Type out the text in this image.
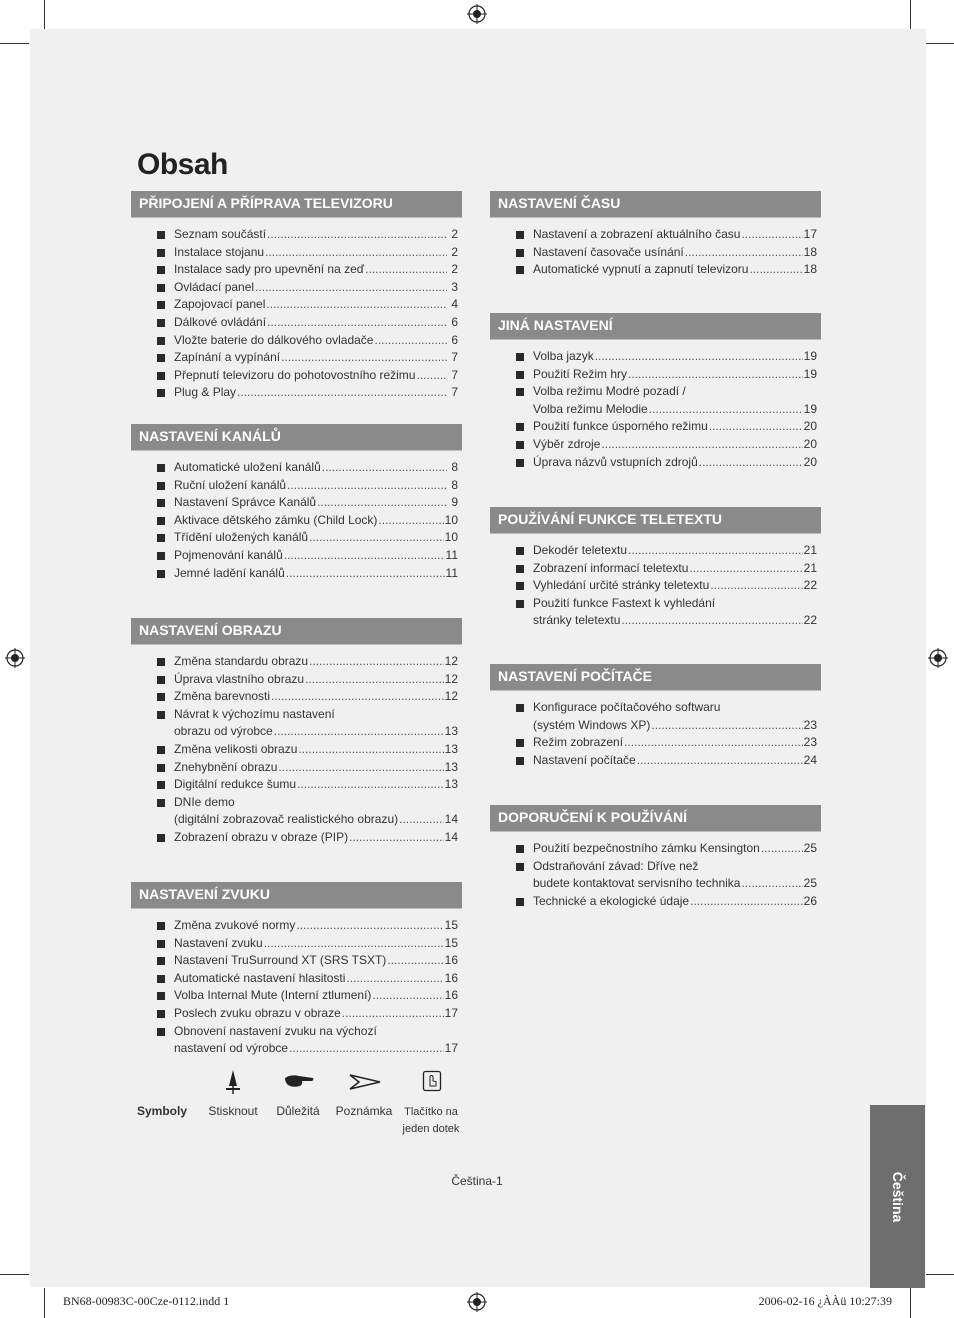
Obsah
PŘIPOJENÍ A PŘÍPRAVA TELEVIZORU
Seznam součástí .....	2
Instalace stojanu .....	2
Instalace sady pro upevnění na zeď .....	2
Ovládací panel .....	3
Zapojovací panel .....	4
Dálkové ovládání .....	6
Vložte baterie do dálkového ovladače .....	6
Zapínání a vypínání .....	7
Přepnutí televizoru do pohotovostního režimu .....	7
Plug & Play .....	7
NASTAVENÍ KANÁLŮ
Automatické uložení kanálů .....	8
Ruční uložení kanálů .....	8
Nastavení Správce Kanálů .....	9
Aktivace dětského zámku (Child Lock) .....	10
Třídění uložených kanálů .....	10
Pojmenování kanálů .....	11
Jemné ladění kanálů .....	11
NASTAVENÍ OBRAZU
Změna standardu obrazu .....	12
Úprava vlastního obrazu .....	12
Změna barevnosti .....	12
Návrat k výchozímu nastavení
obrazu od výrobce .....	13
Změna velikosti obrazu .....	13
Znehybnění obrazu .....	13
Digitální redukce šumu .....	13
DNIe demo
(digitální zobrazovač realistického obrazu) .....	14
Zobrazení obrazu v obraze (PIP) .....	14
NASTAVENÍ ZVUKU
Změna zvukové normy .....	15
Nastavení zvuku .....	15
Nastavení TruSurround XT (SRS TSXT) .....	16
Automatické nastavení hlasitosti .....	16
Volba Internal Mute (Interní ztlumení) .....	16
Poslech zvuku obrazu v obraze .....	17
Obnovení nastavení zvuku na výchozí
nastavení od výrobce .....	17
NASTAVENÍ ČASU
Nastavení a zobrazení aktuálního času .....	17
Nastavení časovače usínání .....	18
Automatické vypnutí a zapnutí televizoru .....	18
JINÁ NASTAVENÍ
Volba jazyk .....	19
Použití Režim hry .....	19
Volba režimu Modré pozadí /
Volba režimu Melodie .....	19
Použití funkce úsporného režimu .....	20
Výběr zdroje .....	20
Úprava názvů vstupních zdrojů .....	20
POUŽÍVÁNÍ FUNKCE TELETEXTU
Dekodér teletextu .....	21
Zobrazení informací teletextu .....	21
Vyhledání určité stránky teletextu .....	22
Použití funkce Fastext k vyhledání
stránky teletextu .....	22
NASTAVENÍ POČÍTAČE
Konfigurace počítačového softwaru
(systém Windows XP) .....	23
Režim zobrazení .....	23
Nastavení počítače .....	24
DOPORUČENÍ K POUŽÍVÁNÍ
Použití bezpečnostního zámku Kensington .....	25
Odstraňování závad: Dříve než
budete kontaktovat servisního technika .....	25
Technické a ekologické údaje .....	26
Symboly	Stisknout	Důležitá	Poznámka Tlačítko na jeden dotek
Čeština-1	Čeština
BN68-00983C-00Cze-0112.indd 1	2006-02-16 ¿ÀÀü 10:27:39
